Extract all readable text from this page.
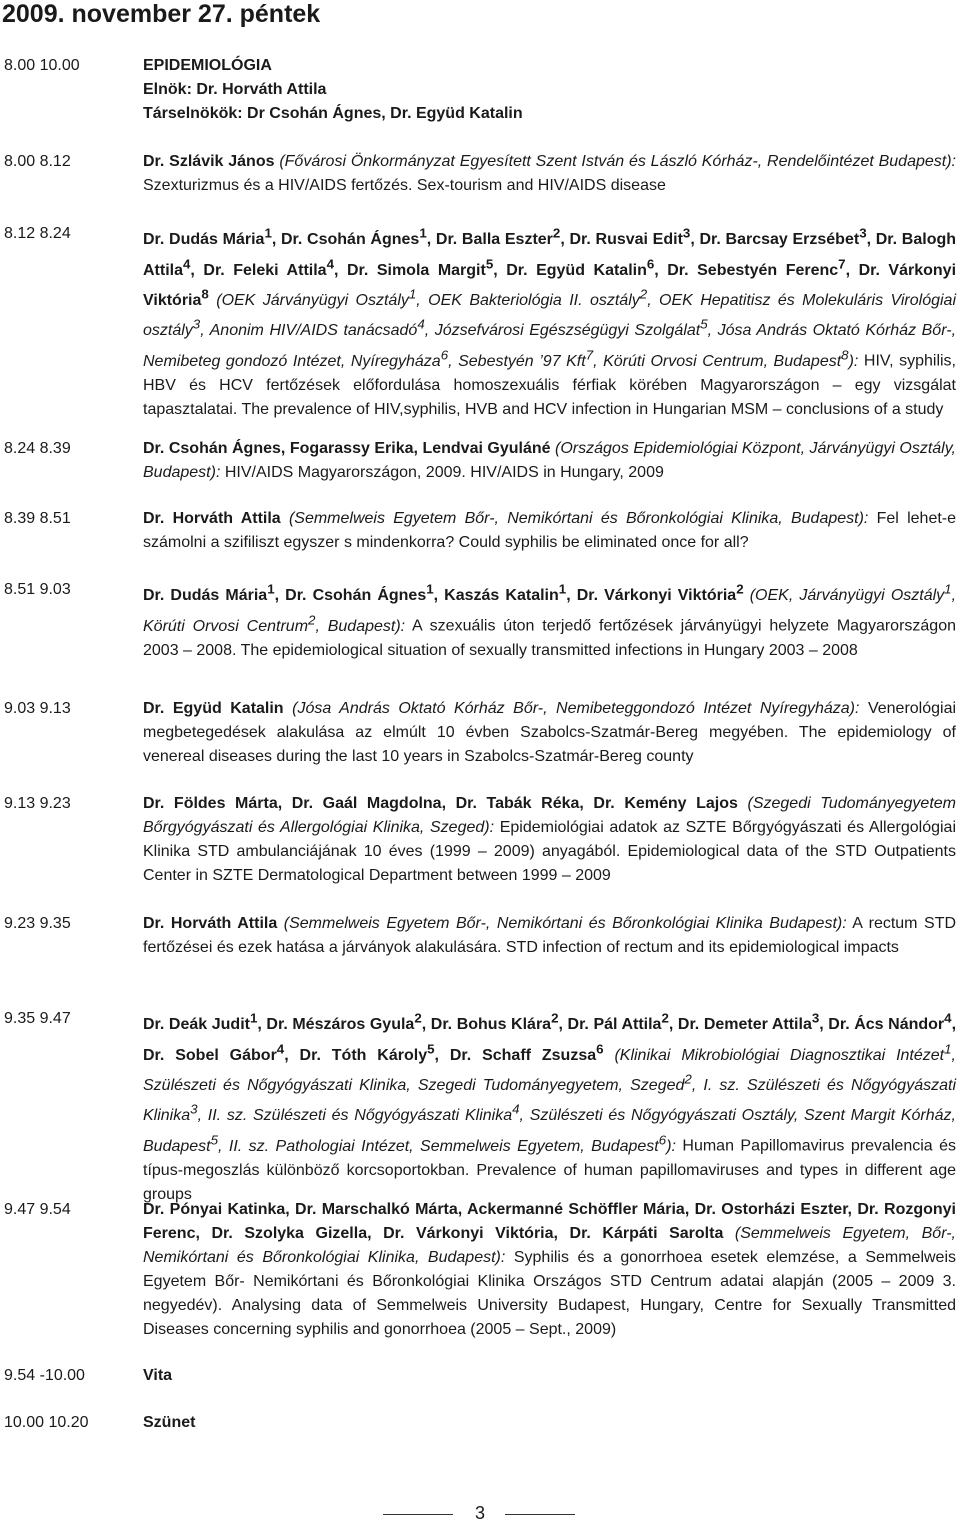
2009. november 27. péntek
8.00 10.00	EPIDEMIOLÓGIA
Elnök: Dr. Horváth Attila
Társelnökök: Dr Csohán Ágnes, Dr. Együd Katalin
8.00 8.12	Dr. Szlávik János (Fővárosi Önkormányzat Egyesített Szent István és László Kórház-, Rendelőintézet Budapest): Szexturizmus és a HIV/AIDS fertőzés. Sex-tourism and HIV/AIDS disease
8.12 8.24	Dr. Dudás Mária$^1$, Dr. Csohán Ágnes$^1$, Dr. Balla Eszter$^2$, Dr. Rusvai Edit$^3$, Dr. Barcsay Erzsébet$^3$, Dr. Balogh Attila$^4$, Dr. Feleki Attila$^4$, Dr. Simola Margit$^5$, Dr. Együd Katalin$^6$, Dr. Sebestyén Ferenc$^7$, Dr. Várkonyi Viktória$^8$ (OEK Járványügyi Osztály$^1$, OEK Bakteriológia II. osztály$^2$, OEK Hepatitisz és Molekuláris Virológiai osztály$^3$, Anonim HIV/AIDS tanácsadó$^4$, Józsefvárosi Egészségügyi Szolgálat$^5$, Jósa András Oktató Kórház Bőr-, Nemibeteg gondozó Intézet, Nyíregyháza$^6$, Sebestyén ’97 Kft$^7$, Körúti Orvosi Centrum, Budapest$^8$): HIV, syphilis, HBV és HCV fertőzések előfordulása homoszexuális férfiak körében Magyarországon – egy vizsgálat tapasztalatai. The prevalence of HIV,syphilis, HVB and HCV infection in Hungarian MSM – conclusions of a study
8.24 8.39	Dr. Csohán Ágnes, Fogarassy Erika, Lendvai Gyuláné (Országos Epidemiológiai Központ, Járványügyi Osztály, Budapest): HIV/AIDS Magyarországon, 2009. HIV/AIDS in Hungary, 2009
8.39 8.51	Dr. Horváth Attila (Semmelweis Egyetem Bőr-, Nemikórtani és Bőronkológiai Klinika, Budapest): Fel lehet-e számolni a szifiliszt egyszer s mindenkorra? Could syphilis be eliminated once for all?
8.51 9.03	Dr. Dudás Mária$^1$, Dr. Csohán Ágnes$^1$, Kaszás Katalin$^1$, Dr. Várkonyi Viktória$^2$ (OEK, Járványügyi Osztály$^1$, Körúti Orvosi Centrum$^2$, Budapest): A szexuális úton terjedő fertőzések járványügyi helyzete Magyarországon 2003 – 2008. The epidemiological situation of sexually transmitted infections in Hungary 2003 – 2008
9.03 9.13	Dr. Együd Katalin (Jósa András Oktató Kórház Bőr-, Nemibeteggondozó Intézet Nyíregyháza): Venerológiai megbetegedések alakulása az elmúlt 10 évben Szabolcs-Szatmár-Bereg megyében. The epidemiology of venereal diseases during the last 10 years in Szabolcs-Szatmár-Bereg county
9.13 9.23	Dr. Földes Márta, Dr. Gaál Magdolna, Dr. Tabák Réka, Dr. Kemény Lajos (Szegedi Tudományegyetem Bőrgyógyászati és Allergológiai Klinika, Szeged): Epidemiológiai adatok az SZTE Bőrgyógyászati és Allergológiai Klinika STD ambulanciájának 10 éves (1999 – 2009) anyagából. Epidemiological data of the STD Outpatients Center in SZTE Dermatological Department between 1999 – 2009
9.23 9.35	Dr. Horváth Attila (Semmelweis Egyetem Bőr-, Nemikórtani és Bőronkológiai Klinika Budapest): A rectum STD fertőzései és ezek hatása a járványok alakulására. STD infection of rectum and its epidemiological impacts
9.35 9.47	Dr. Deák Judit$^1$, Dr. Mészáros Gyula$^2$, Dr. Bohus Klára$^2$, Dr. Pál Attila$^2$, Dr. Demeter Attila$^3$, Dr. Ács Nándor$^4$, Dr. Sobel Gábor$^4$, Dr. Tóth Károly$^5$, Dr. Schaff Zsuzsa$^6$ (Klinikai Mikrobiológiai Diagnosztikai Intézet$^1$, Szülészeti és Nőgyógyászati Klinika, Szegedi Tudományegyetem, Szeged$^2$, I. sz. Szülészeti és Nőgyógyászati Klinika$^3$, II. sz. Szülészeti és Nőgyógyászati Klinika$^4$, Szülészeti és Nőgyógyászati Osztály, Szent Margit Kórház, Budapest$^5$, II. sz. Pathologiai Intézet, Semmelweis Egyetem, Budapest$^6$): Human Papillomavirus prevalencia és típus-megoszlás különböző korcsoportokban. Prevalence of human papillomaviruses and types in different age groups
9.47 9.54	Dr. Pónyai Katinka, Dr. Marschalkó Márta, Ackermanné Schöffler Mária, Dr. Ostorházi Eszter, Dr. Rozgonyi Ferenc, Dr. Szolyka Gizella, Dr. Várkonyi Viktória, Dr. Kárpáti Sarolta (Semmelweis Egyetem, Bőr-, Nemikórtani és Bőronkológiai Klinika, Budapest): Syphilis és a gonorrhoea esetek elemzése, a Semmelweis Egyetem Bőr- Nemikórtani és Bőronkológiai Klinika Országos STD Centrum adatai alapján (2005 – 2009 3. negyedév). Analysing data of Semmelweis University Budapest, Hungary, Centre for Sexually Transmitted Diseases concerning syphilis and gonorrhoea (2005 – Sept., 2009)
9.54 -10.00	Vita
10.00 10.20	Szünet
3
